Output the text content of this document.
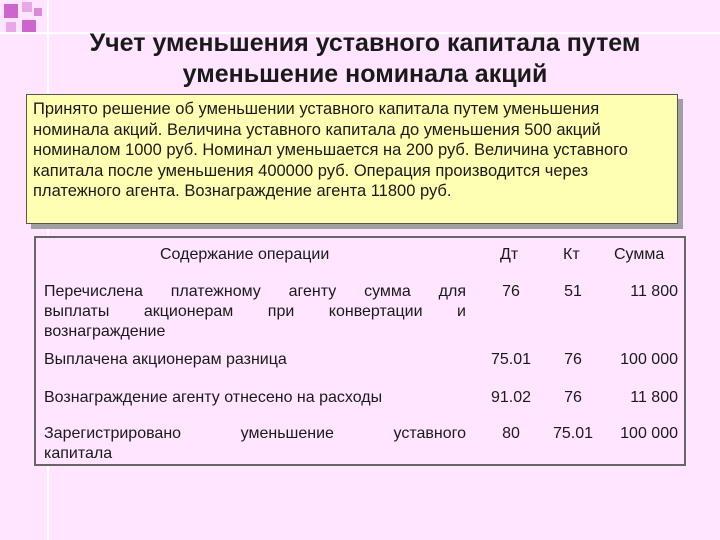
Учет уменьшения уставного капитала путем уменьшение номинала акций
Принято решение об уменьшении уставного капитала путем уменьшения номинала акций. Величина уставного капитала до уменьшения 500 акций номиналом 1000 руб. Номинал уменьшается на 200 руб. Величина уставного капитала после уменьшения 400000 руб. Операция производится через платежного агента. Вознаграждение агента 11800 руб.
Содержание операции	Дт	Кт Сумма
Перечислена платежному агенту сумма для
выплаты акционерам при конвертации и
вознаграждение
76	51	11 800
Выплачена акционерам разница	75.01	76	100 000
Вознаграждение агенту отнесено на расходы	91.02	76	11 800
Зарегистрировано уменьшение уставного
капитала
80	75.01	100 000
